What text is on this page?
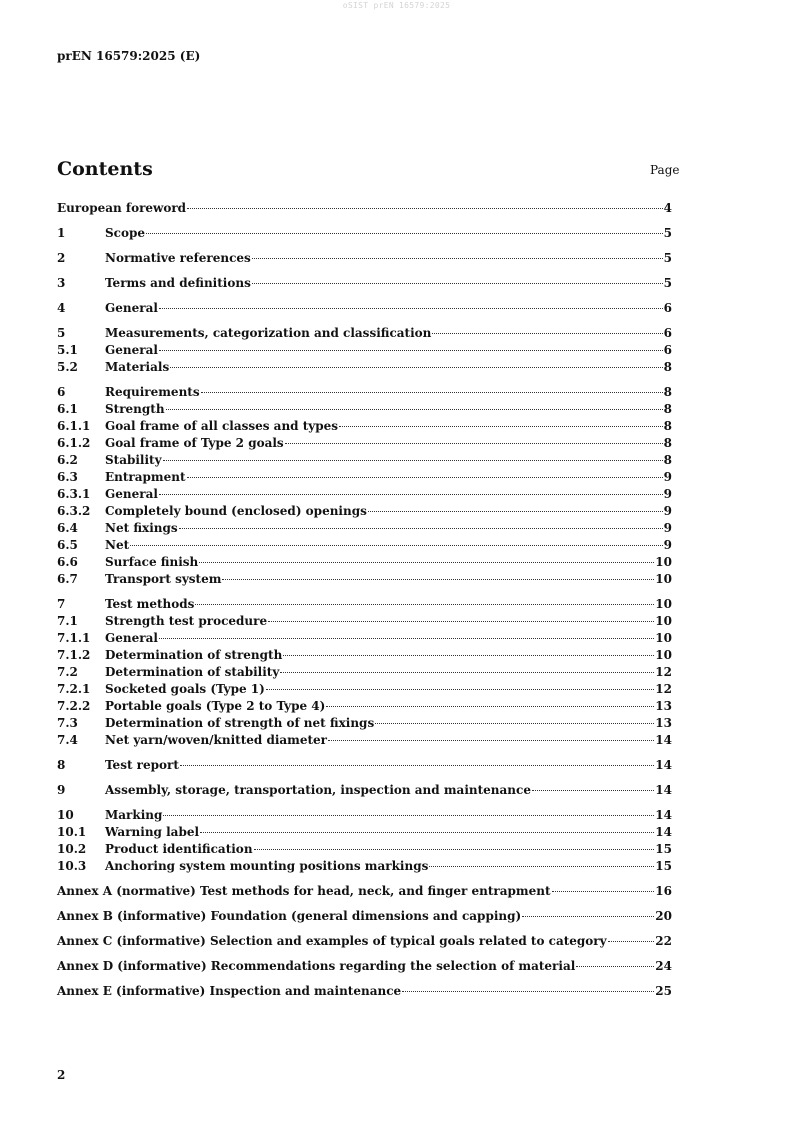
oSIST prEN 16579:2025
prEN 16579:2025 (E)
Contents	Page
European foreword	4
1	Scope	5
2	Normative references	5
3	Terms and definitions	5
4	General	6
5	Measurements, categorization and classification	6
5.1	General	6
5.2	Materials	8
6	Requirements	8
6.1	Strength	8
6.1.1	Goal frame of all classes and types	8
6.1.2	Goal frame of Type 2 goals	8
6.2	Stability	8
6.3	Entrapment	9
6.3.1	General	9
6.3.2	Completely bound (enclosed) openings	9
6.4	Net fixings	9
6.5	Net	9
6.6	Surface finish	10
6.7	Transport system	10
7	Test methods	10
7.1	Strength test procedure	10
7.1.1	General	10
7.1.2	Determination of strength	10
7.2	Determination of stability	12
7.2.1	Socketed goals (Type 1)	12
7.2.2	Portable goals (Type 2 to Type 4)	13
7.3	Determination of strength of net fixings	13
7.4	Net yarn/woven/knitted diameter	14
8	Test report	14
9	Assembly, storage, transportation, inspection and maintenance	14
10	Marking	14
10.1	Warning label	14
10.2	Product identification	15
10.3	Anchoring system mounting positions markings	15
Annex A (normative) Test methods for head, neck, and finger entrapment	16
Annex B (informative) Foundation (general dimensions and capping)	20
Annex C (informative) Selection and examples of typical goals related to category	22
Annex D (informative) Recommendations regarding the selection of material	24
Annex E (informative) Inspection and maintenance	25
2
